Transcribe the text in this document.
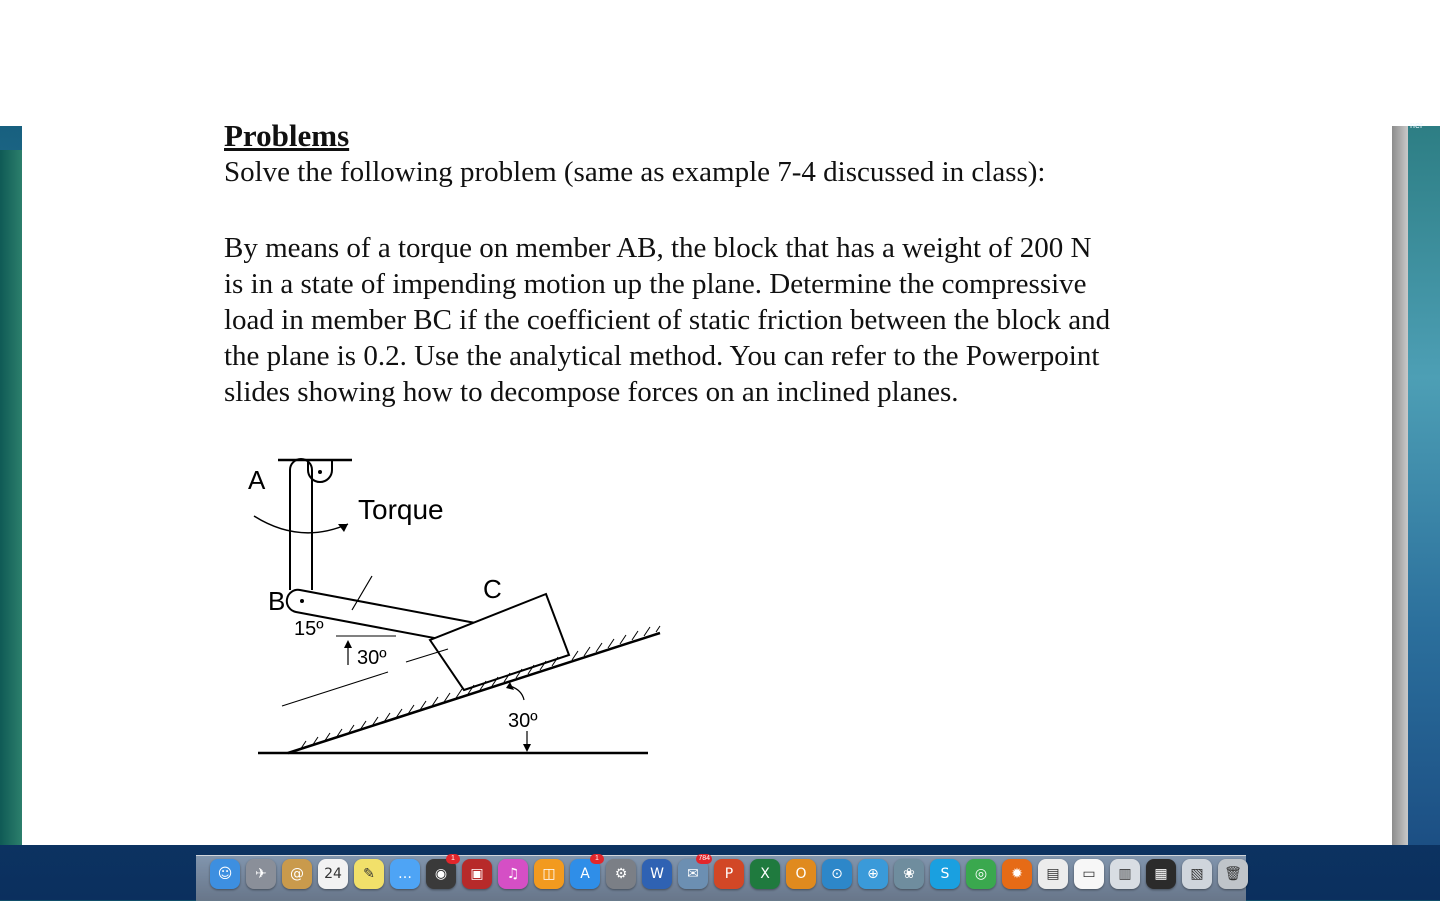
ner

Problems

Solve the following problem (same as example 7-4 discussed in class):

By means of a torque on member AB, the block that has a weight of 200 N

is in a state of impending motion up the plane. Determine the compressive

load in member BC if the coefficient of static friction between the block and

the plane is 0.2. Use the analytical method. You can refer to the Powerpoint

slides showing how to decompose forces on an inclined planes.

A
Torque
B	C
15º
30º
30º
☺ ✈ @ 24 ✎ … ◉
1
▣ ♫ ◫ A
1
⚙ W ✉
784
P X O ⊙ ⊕ ❀ S ◎ ✹ ▤ ▭ ▥ ▦ ▧ 🗑
